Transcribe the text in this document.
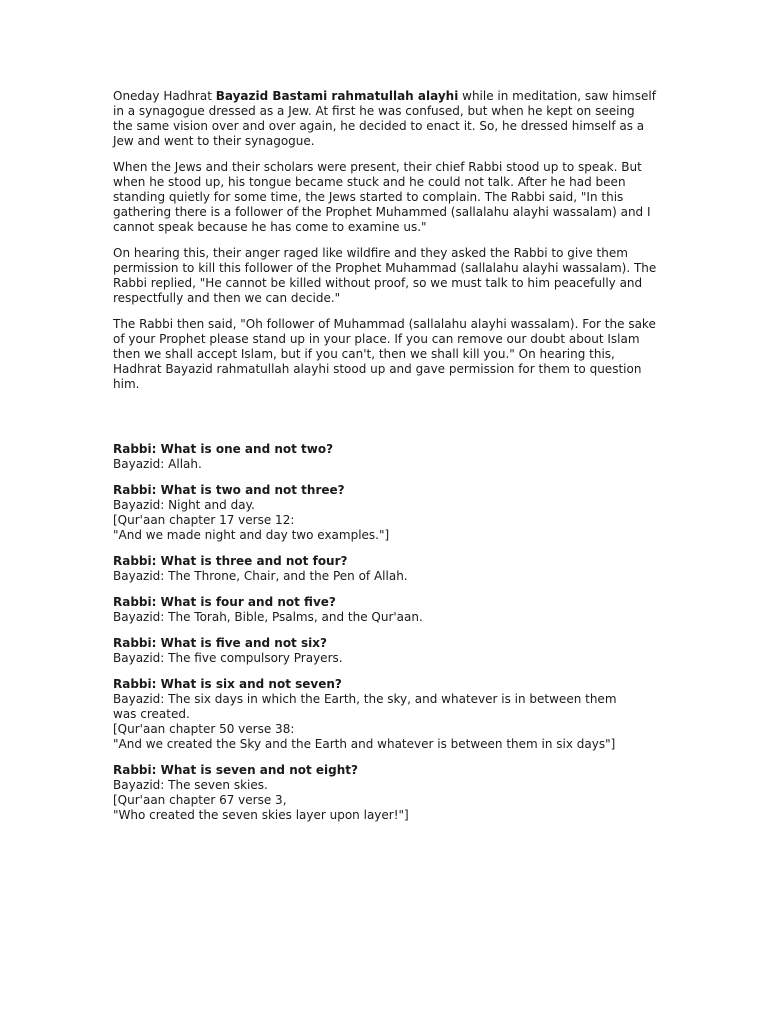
Oneday Hadhrat Bayazid Bastami rahmatullah alayhi while in meditation, saw himself in a synagogue dressed as a Jew. At first he was confused, but when he kept on seeing the same vision over and over again, he decided to enact it. So, he dressed himself as a Jew and went to their synagogue.

When the Jews and their scholars were present, their chief Rabbi stood up to speak. But when he stood up, his tongue became stuck and he could not talk. After he had been standing quietly for some time, the Jews started to complain. The Rabbi said, "In this gathering there is a follower of the Prophet Muhammed (sallalahu alayhi wassalam) and I cannot speak because he has come to examine us."

On hearing this, their anger raged like wildfire and they asked the Rabbi to give them permission to kill this follower of the Prophet Muhammad (sallalahu alayhi wassalam). The Rabbi replied, "He cannot be killed without proof, so we must talk to him peacefully and respectfully and then we can decide."

The Rabbi then said, "Oh follower of Muhammad (sallalahu alayhi wassalam). For the sake of your Prophet please stand up in your place. If you can remove our doubt about Islam then we shall accept Islam, but if you can't, then we shall kill you." On hearing this, Hadhrat Bayazid rahmatullah alayhi stood up and gave permission for them to question him.

Rabbi: What is one and not two?
Bayazid: Allah.
Rabbi: What is two and not three?
Bayazid: Night and day.
[Qur'aan chapter 17 verse 12:
"And we made night and day two examples."]
Rabbi: What is three and not four?
Bayazid: The Throne, Chair, and the Pen of Allah.
Rabbi: What is four and not five?
Bayazid: The Torah, Bible, Psalms, and the Qur'aan.
Rabbi: What is five and not six?
Bayazid: The five compulsory Prayers.
Rabbi: What is six and not seven?
Bayazid: The six days in which the Earth, the sky, and whatever is in between them
was created.
[Qur'aan chapter 50 verse 38:
"And we created the Sky and the Earth and whatever is between them in six days"]
Rabbi: What is seven and not eight?
Bayazid: The seven skies.
[Qur'aan chapter 67 verse 3,
"Who created the seven skies layer upon layer!"]
